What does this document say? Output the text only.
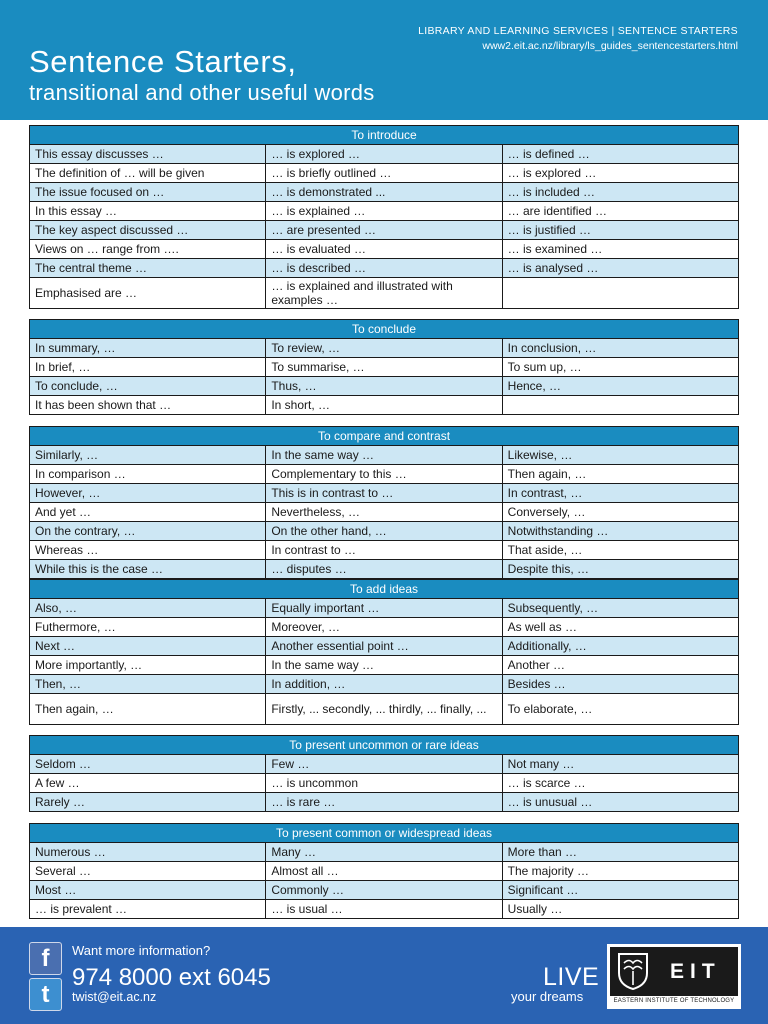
LIBRARY AND LEARNING SERVICES | SENTENCE STARTERS
www2.eit.ac.nz/library/ls_guides_sentencestarters.html
Sentence Starters,
transitional and other useful words
To introduce		
This essay discusses …	… is explored …	… is defined …
The definition of … will be given	… is briefly outlined …	… is explored …
The issue focused on …	… is demonstrated ...	… is included …
In this essay …	… is explained …	… are identified …
The key aspect discussed …	… are presented …	… is justified …
Views on … range from ….	… is evaluated …	… is examined …
The central theme …	… is described …	… is analysed …
Emphasised are …	… is explained and illustrated with examples …	
To conclude		
In summary, …	To review, …	In conclusion, …
In brief, …	To summarise, …	To sum up, …
To conclude, …	Thus, …	Hence, …
It has been shown that …	In short, …	
To compare and contrast		
Similarly, …	In the same way …	Likewise, …
In comparison …	Complementary to this …	Then again, …
However, …	This is in contrast to …	In contrast, …
And yet …	Nevertheless, …	Conversely, …
On the contrary, …	On the other hand, …	Notwithstanding …
Whereas …	In contrast to …	That aside, …
While this is the case …	… disputes …	Despite this, …
To add ideas		
Also, …	Equally important …	Subsequently, …
Futhermore, …	Moreover, …	As well as …
Next …	Another essential point …	Additionally, …
More importantly, …	In the same way …	Another …
Then, …	In addition, …	Besides …
Then again, …	Firstly, ... secondly, ... thirdly, ... finally, ...	To elaborate, …
To present uncommon or rare ideas		
Seldom …	Few …	Not many …
A few …	… is uncommon	… is scarce …
Rarely …	… is rare …	… is unusual …
To present common or widespread ideas		
Numerous …	Many …	More than …
Several …	Almost all …	The majority …
Most …	Commonly …	Significant …
… is prevalent …	… is usual …	Usually …
f
t
Want more information?
974 8000 ext 6045
twist@eit.ac.nz
LIVE
your dreams
EIT
EASTERN INSTITUTE OF TECHNOLOGY
